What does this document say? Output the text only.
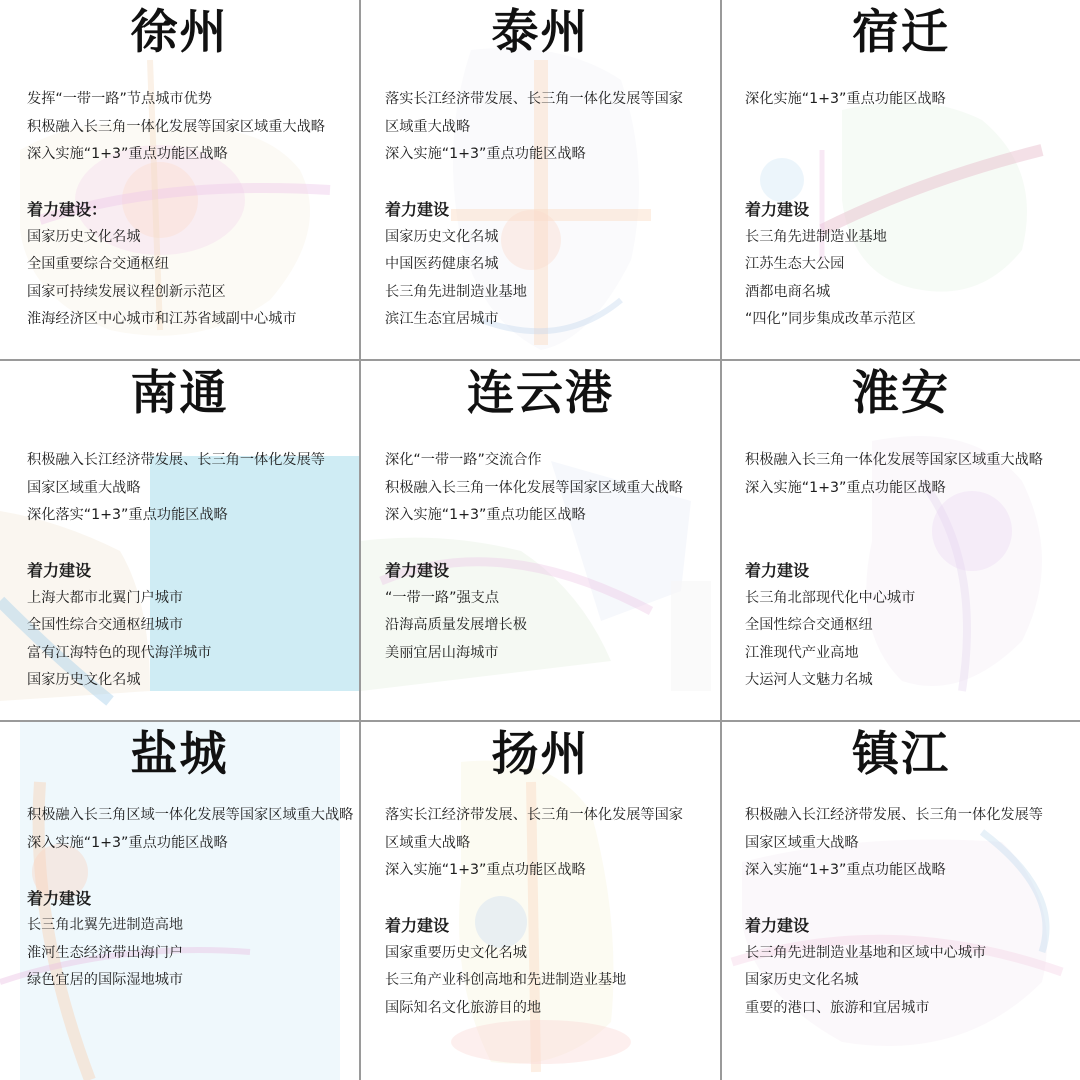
徐州
发挥“一带一路”节点城市优势
积极融入长三角一体化发展等国家区域重大战略
深入实施“1+3”重点功能区战略
着力建设：
国家历史文化名城
全国重要综合交通枢纽
国家可持续发展议程创新示范区
淮海经济区中心城市和江苏省域副中心城市
泰州
落实长江经济带发展、长三角一体化发展等国家
区域重大战略
深入实施“1+3”重点功能区战略
着力建设
国家历史文化名城
中国医药健康名城
长三角先进制造业基地
滨江生态宜居城市
宿迁
深化实施“1+3”重点功能区战略
着力建设
长三角先进制造业基地
江苏生态大公园
酒都电商名城
“四化”同步集成改革示范区
南通
积极融入长江经济带发展、长三角一体化发展等
国家区域重大战略
深化落实“1+3”重点功能区战略
着力建设
上海大都市北翼门户城市
全国性综合交通枢纽城市
富有江海特色的现代海洋城市
国家历史文化名城
连云港
深化“一带一路”交流合作
积极融入长三角一体化发展等国家区域重大战略
深入实施“1+3”重点功能区战略
着力建设
“一带一路”强支点
沿海高质量发展增长极
美丽宜居山海城市
淮安
积极融入长三角一体化发展等国家区域重大战略
深入实施“1+3”重点功能区战略
着力建设
长三角北部现代化中心城市
全国性综合交通枢纽
江淮现代产业高地
大运河人文魅力名城
盐城
积极融入长三角区域一体化发展等国家区域重大战略
深入实施“1+3”重点功能区战略
着力建设
长三角北翼先进制造高地
淮河生态经济带出海门户
绿色宜居的国际湿地城市
扬州
落实长江经济带发展、长三角一体化发展等国家
区域重大战略
深入实施“1+3”重点功能区战略
着力建设
国家重要历史文化名城
长三角产业科创高地和先进制造业基地
国际知名文化旅游目的地
镇江
积极融入长江经济带发展、长三角一体化发展等
国家区域重大战略
深入实施“1+3”重点功能区战略
着力建设
长三角先进制造业基地和区域中心城市
国家历史文化名城
重要的港口、旅游和宜居城市
